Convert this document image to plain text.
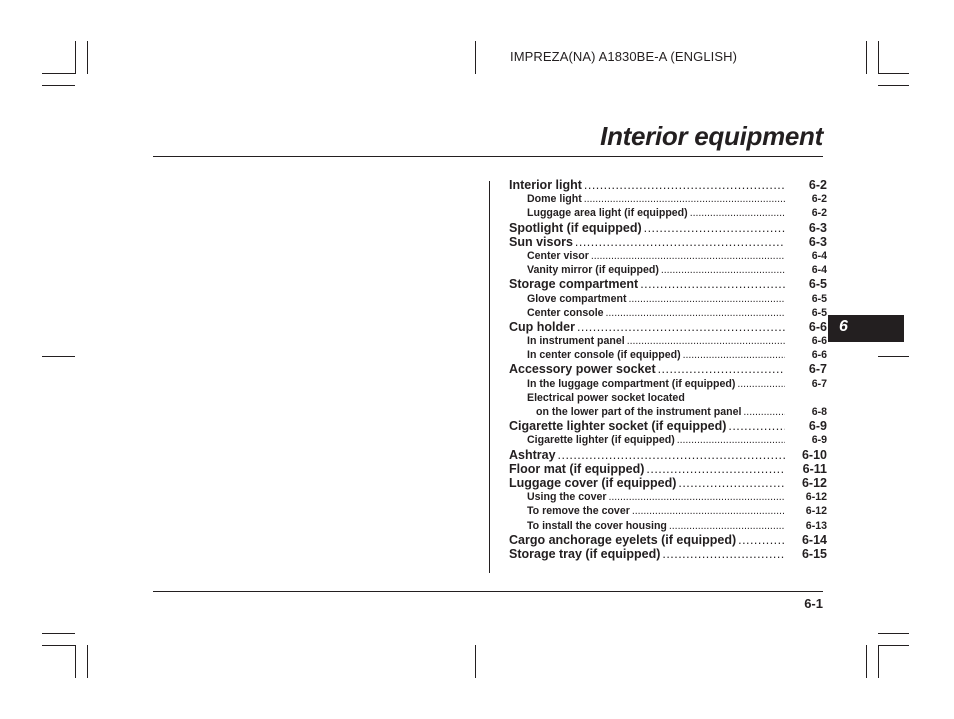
IMPREZA(NA) A1830BE-A (ENGLISH)
Interior equipment
6
Interior light . . .	6-2
Dome light . . .	6-2
Luggage area light (if equipped) . . .	6-2
Spotlight (if equipped) . . .	6-3
Sun visors . . .	6-3
Center visor . . .	6-4
Vanity mirror (if equipped) . . .	6-4
Storage compartment . . .	6-5
Glove compartment . . .	6-5
Center console . . .	6-5
Cup holder . . .	6-6
In instrument panel . . .	6-6
In center console (if equipped) . . .	6-6
Accessory power socket . . .	6-7
In the luggage compartment (if equipped) . . .	6-7
Electrical power socket located
on the lower part of the instrument panel . . .	6-8
Cigarette lighter socket (if equipped) . . .	6-9
Cigarette lighter (if equipped) . . .	6-9
Ashtray . . .	6-10
Floor mat (if equipped) . . .	6-11
Luggage cover (if equipped) . . .	6-12
Using the cover . . .	6-12
To remove the cover . . .	6-12
To install the cover housing . . .	6-13
Cargo anchorage eyelets (if equipped) . . .	6-14
Storage tray (if equipped) . . .	6-15
6-1
